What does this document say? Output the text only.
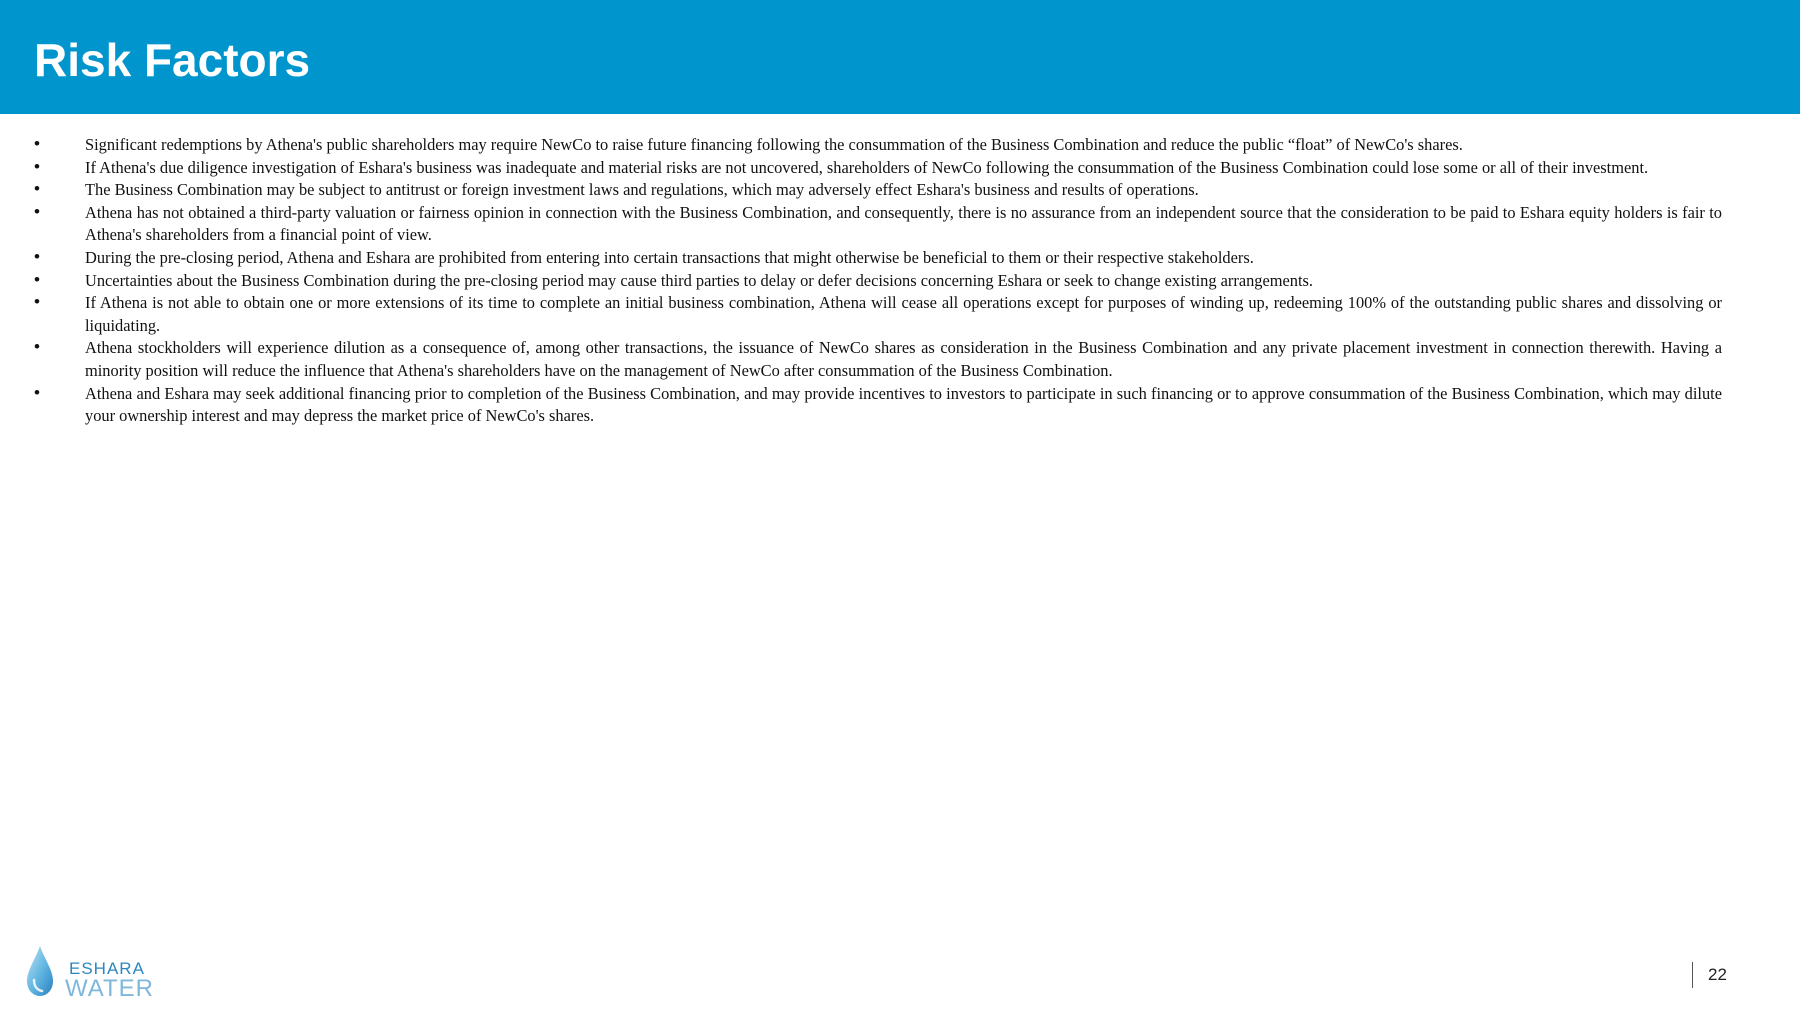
Risk Factors
•	Significant redemptions by Athena's public shareholders may require NewCo to raise future financing following the consummation of the Business Combination and reduce the public “float” of NewCo's shares.
•	If Athena's due diligence investigation of Eshara's business was inadequate and material risks are not uncovered, shareholders of NewCo following the consummation of the Business Combination could lose some or all of their investment.
•	The Business Combination may be subject to antitrust or foreign investment laws and regulations, which may adversely effect Eshara's business and results of operations.
•	Athena has not obtained a third-party valuation or fairness opinion in connection with the Business Combination, and consequently, there is no assurance from an independent source that the consideration to be paid to Eshara equity holders is fair to Athena's shareholders from a financial point of view.
•	During the pre-closing period, Athena and Eshara are prohibited from entering into certain transactions that might otherwise be beneficial to them or their respective stakeholders.
•	Uncertainties about the Business Combination during the pre-closing period may cause third parties to delay or defer decisions concerning Eshara or seek to change existing arrangements.
•	If Athena is not able to obtain one or more extensions of its time to complete an initial business combination, Athena will cease all operations except for purposes of winding up, redeeming 100% of the outstanding public shares and dissolving or liquidating.
•	Athena stockholders will experience dilution as a consequence of, among other transactions, the issuance of NewCo shares as consideration in the Business Combination and any private placement investment in connection therewith. Having a minority position will reduce the influence that Athena's shareholders have on the management of NewCo after consummation of the Business Combination.
•	Athena and Eshara may seek additional financing prior to completion of the Business Combination, and may provide incentives to investors to participate in such financing or to approve consummation of the Business Combination, which may dilute your ownership interest and may depress the market price of NewCo's shares.
ESHARA
WATER
22
